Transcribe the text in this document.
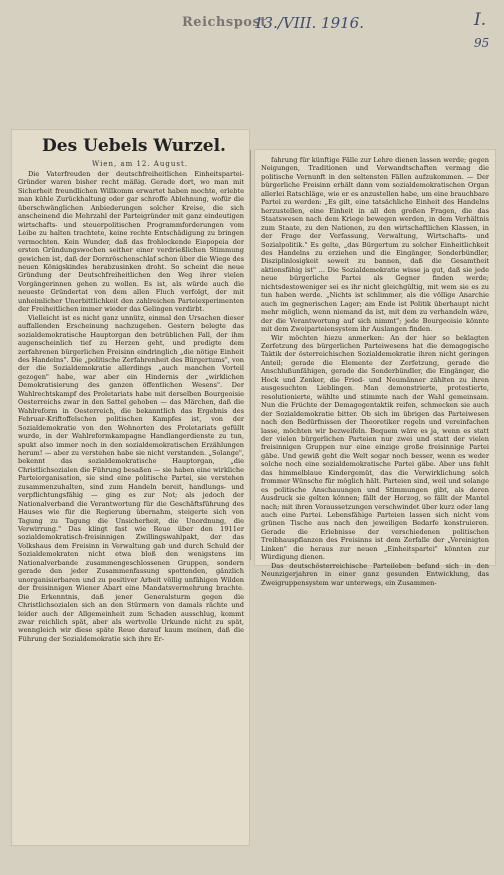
Reichspost
13./VIII. 1916.	I.
95
Des Uebels Wurzel.
Wien, am 12. August.

Die Vaterfreuden der deutschfreiheitlichen Einheitspartei-Gründer waren bisher recht mäßig. Gerade dort, wo man mit Sicherheit freundlichen Willkomm erwartet haben mochte, erlebte man kühle Zurückhaltung oder gar schroffe Ablehnung, wofür die überschwänglichen Anbiederungen solcher Kreise, die sich anscheinend die Mehrzahl der Parteigründer mit ganz eindeutigen wirtschafts- und steuerpolitischen Programmforderungen vom Leibe zu halten trachtete, keine rechte Entschädigung zu bringen vermochten. Kein Wunder, daß das frohlockende Eiapopeia der ersten Gründungswochen seither einer verdrießlichen Stimmung gewichen ist, daß der Dornröschenschlaf schon über die Wiege des neuen Königskindes herabzusinken droht. So scheint die neue Gründung der Deutschfreiheitlichen den Weg ihrer vielen Vorgängerinnen gehen zu wollen. Es ist, als würde auch die neueste Gründertat von dem allen Fluch verfolgt, der mit unheimlicher Unerbittlichkeit den zahlreichen Parteiexperimenten der Freiheitlichen immer wieder das Gelingen verdirbt.

Vielleicht ist es nicht ganz unnütz, einmal den Ursachen dieser auffallenden Erscheinung nachzugehen. Gestern belegte das sozialdemokratische Hauptorgan den betrüblichen Fall, der ihm augenscheinlich tief zu Herzen geht, und predigte dem zerfahrenen bürgerlichen Freisinn eindringlich „die nötige Einheit des Handelns". Die „politische Zerfahrenheit des Bürgertums", von der die Sozialdemokratie allerdings „auch manchen Vorteil gezogen" habe, war aber ein Hindernis der „wirklichen Demokratisierung des ganzen öffentlichen Wesens". Der Wahlrechtskampf des Proletariats habe mit derselben Bourgeoisie Oesterreichs zwar in den Sattel gehoben — das Märchen, daß die Wahlreform in Oesterreich, die bekanntlich das Ergebnis des Februar-Kriftoffelschen politischen Kampfes ist, von der Sozialdemokratie von den Wohnorten des Proletariats gefüllt wurde, in der Wahlreformkampagne Handlangerdienste zu tun, spukt also immer noch in den sozialdemokratischen Erzählungen herum! — aber zu verstehen habe sie nicht verstanden. „Solange", bekennt das sozialdemokratische Hauptorgan, „die Christlichsozialen die Führung besaßen — sie haben eine wirkliche Parteiorganisation, sie sind eine politische Partei, sie verstehen zusammenzuhalten, sind zum Handeln bereit, handlungs- und verpflichtungsfähig — ging es zur Not; als jedoch der Nationalverband die Verantwortung für die Geschäftsführung des Hauses wie für die Regierung übernahm, steigerte sich von Tagung zu Tagung die Unsicherheit, die Unordnung, die Verwirrung." Das klingt fast wie Reue über den 1911er sozialdemokratisch-freisinnigen Zwillingswahlpakt, der das Volkshaus dem Freisinn in Verwaltung gab und durch Schuld der Sozialdemokraten nicht etwa bloß den wenigstens im Nationalverbande zusammengeschlossenen Gruppen, sondern gerade den jeder Zusammenfassung spottenden, gänzlich unorganisierbaren und zu positiver Arbeit völlig unfähigen Wilden der freisinnigen Wiener Abart eine Mandatsvermehrung brachte. Die Erkenntnis, daß jener Generalsturm gegen die Christlichsozialen sich an den Stürmern von damals rächte und leider auch der Allgemeinheit zum Schaden ausschlug, kommt zwar reichlich spät, aber als wertvolle Urkunde nicht zu spät, wenngleich wir diese späte Reue darauf kaum meinen, daß die Führung der Sozialdemokratie sich ihre Er-

fahrung für künftige Fälle zur Lehre dienen lassen werde; gegen Neigungen, Traditionen und Verwandtschaften vermag die politische Vernunft in den seltensten Fällen aufzukommen. — Der bürgerliche Freisinn erhält dann vom sozialdemokratischen Organ allerlei Ratschläge, wie er es anzustellen habe, um eine brauchbare Partei zu werden: „Es gilt, eine tatsächliche Einheit des Handelns herzustellen, eine Einheit in all den großen Fragen, die das Staatswesen nach dem Kriege bewegen werden, in dem Verhältnis zum Staate, zu den Nationen, zu den wirtschaftlichen Klassen, in der Frage der Verfassung, Verwaltung, Wirtschafts- und Sozialpolitik." Es gelte, „das Bürgertum zu solcher Einheitlichkeit des Handelns zu erziehen und die Eingänger, Sonderbündler, Disziplinlosigkeit soweit zu bannen, daß die Gesamtheit aktionsfähig ist" ... Die Sozialdemokratie wisse ja gut, daß sie jede neue bürgerliche Partei als Gegner finden werde; nichtsdestoweniger sei es ihr nicht gleichgültig, mit wem sie es zu tun haben werde. „Nichts ist schlimmer, als die völlige Anarchie auch im gegnerischen Lager; am Ende ist Politik überhaupt nicht mehr möglich, wenn niemand da ist, mit dem zu verhandeln wäre, der die Verantwortung auf sich nimmt"; jede Bourgeoisie könnte mit dem Zweiparteiensystem ihr Auslangen finden.

Wir möchten hiezu anmerken: An der hier so beklagten Zerfetzung des bürgerlichen Parteiwesens hat die demagogische Taktik der österreichischen Sozialdemokratie ihren nicht geringen Anteil; gerade die Elemente der Zerfetzung, gerade die Anschlußunfähigen, gerade die Sonderbündler, die Eingänger, die Hock und Zenker, die Fried- und Neumänner zählten zu ihren ausgesuchten Lieblingen. Man demonstrierte, protestierte, resolutionierte, wählte und stimmte nach der Wahl gemeinsam. Nun die Früchte der Demagogentaktik reifen, schmecken sie auch der Sozialdemokratie bitter. Ob sich im übrigen das Parteiwesen nach den Bedürfnissen der Theoretiker regeln und vereinfachen lasse, möchten wir bezweifeln. Bequem wäre es ja, wenn es statt der vielen bürgerlichen Parteien nur zwei und statt der vielen freisinnigen Gruppen nur eine einzige große freisinnige Partei gäbe. Und gewiß geht die Welt sogar noch besser, wenn es weder solche noch eine sozialdemokratische Partei gäbe. Aber uns fehlt das himmelblaue Kindergemüt, das die Verwirklichung solch frommer Wünsche für möglich hält. Parteien sind, weil und solange es politische Anschauungen und Stimmungen gibt, als deren Ausdruck sie gelten können; fällt der Herzog, so fällt der Mantel nach; mit ihren Voraussetzungen verschwindet über kurz oder lang auch eine Partei. Lebensfähige Parteien lassen sich nicht vom grünen Tische aus nach den jeweiligen Bedarfe konstruieren. Gerade die Erlebnisse der verschiedenen politischen Treibhauspflanzen des Freisinns ist dem Zerfalle der „Vereinigten Linken" die heraus zur neuen „Einheitspartei" könnten zur Würdigung dienen.

Das deutschösterreichische Parteileben befand sich in den Neunzigerjahren in einer ganz gesunden Entwicklung, das Zweigruppensystem war unterwegs, ein Zusammen-
